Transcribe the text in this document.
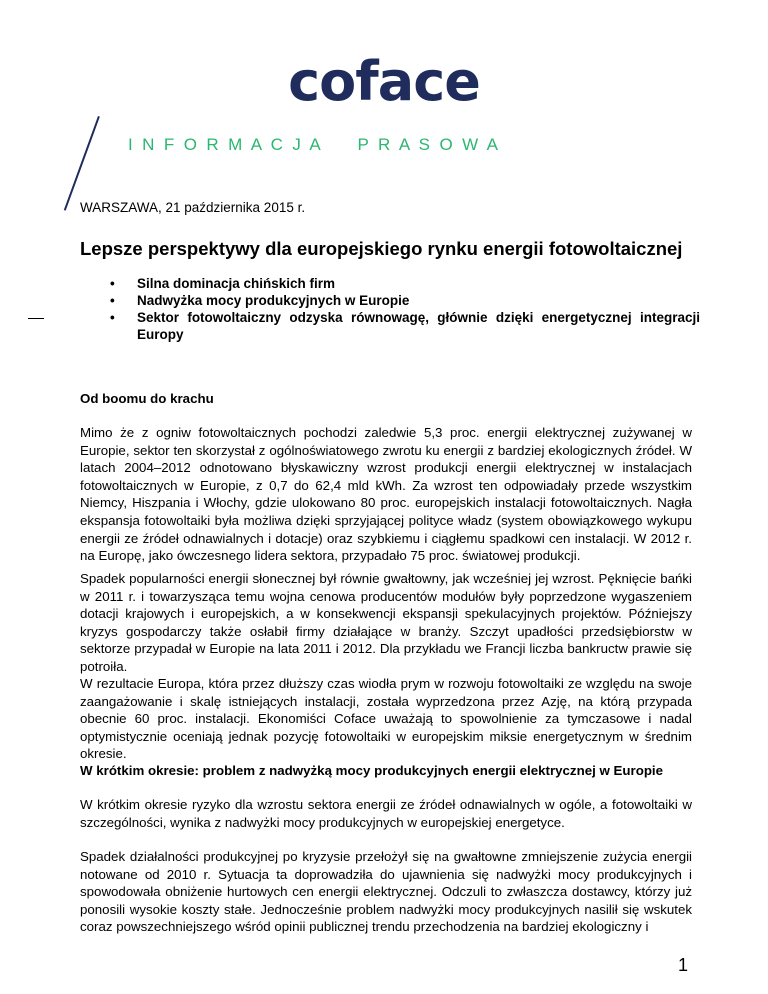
coface
I  N  F  O  R  M  A  C  J  A        P  R  A  S  O  W  A
WARSZAWA, 21 października 2015 r.
Lepsze perspektywy dla europejskiego rynku energii fotowoltaicznej
• Silna dominacja chińskich firm
• Nadwyżka mocy produkcyjnych w Europie
• Sektor fotowoltaiczny odzyska równowagę, głównie dzięki energetycznej integracji Europy
Od boomu do krachu

Mimo że z ogniw fotowoltaicznych pochodzi zaledwie 5,3 proc. energii elektrycznej zużywanej w Europie, sektor ten skorzystał z ogólnoświatowego zwrotu ku energii z bardziej ekologicznych źródeł. W latach 2004–2012 odnotowano błyskawiczny wzrost produkcji energii elektrycznej w instalacjach fotowoltaicznych w Europie, z 0,7 do 62,4 mld kWh. Za wzrost ten odpowiadały przede wszystkim Niemcy, Hiszpania i Włochy, gdzie ulokowano 80 proc. europejskich instalacji fotowoltaicznych. Nagła ekspansja fotowoltaiki była możliwa dzięki sprzyjającej polityce władz (system obowiązkowego wykupu energii ze źródeł odnawialnych i dotacje) oraz szybkiemu i ciągłemu spadkowi cen instalacji. W 2012 r. na Europę, jako ówczesnego lidera sektora, przypadało 75 proc. światowej produkcji.

Spadek popularności energii słonecznej był równie gwałtowny, jak wcześniej jej wzrost. Pęknięcie bańki w 2011 r. i towarzysząca temu wojna cenowa producentów modułów były poprzedzone wygaszeniem dotacji krajowych i europejskich, a w konsekwencji ekspansji spekulacyjnych projektów. Późniejszy kryzys gospodarczy także osłabił firmy działające w branży. Szczyt upadłości przedsiębiorstw w sektorze przypadał w Europie na lata 2011 i 2012. Dla przykładu we Francji liczba bankructw prawie się potroiła.

W rezultacie Europa, która przez dłuższy czas wiodła prym w rozwoju fotowoltaiki ze względu na swoje zaangażowanie i skalę istniejących instalacji, została wyprzedzona przez Azję, na którą przypada obecnie 60 proc. instalacji. Ekonomiści Coface uważają to spowolnienie za tymczasowe i nadal optymistycznie oceniają jednak pozycję fotowoltaiki w europejskim miksie energetycznym w średnim okresie.

W krótkim okresie: problem z nadwyżką mocy produkcyjnych energii elektrycznej w Europie

W krótkim okresie ryzyko dla wzrostu sektora energii ze źródeł odnawialnych w ogóle, a fotowoltaiki w szczególności, wynika z nadwyżki mocy produkcyjnych w europejskiej energetyce.

Spadek działalności produkcyjnej po kryzysie przełożył się na gwałtowne zmniejszenie zużycia energii notowane od 2010 r. Sytuacja ta doprowadziła do ujawnienia się nadwyżki mocy produkcyjnych i spowodowała obniżenie hurtowych cen energii elektrycznej. Odczuli to zwłaszcza dostawcy, którzy już ponosili wysokie koszty stałe. Jednocześnie problem nadwyżki mocy produkcyjnych nasilił się wskutek coraz powszechniejszego wśród opinii publicznej trendu przechodzenia na bardziej ekologiczny i

1
